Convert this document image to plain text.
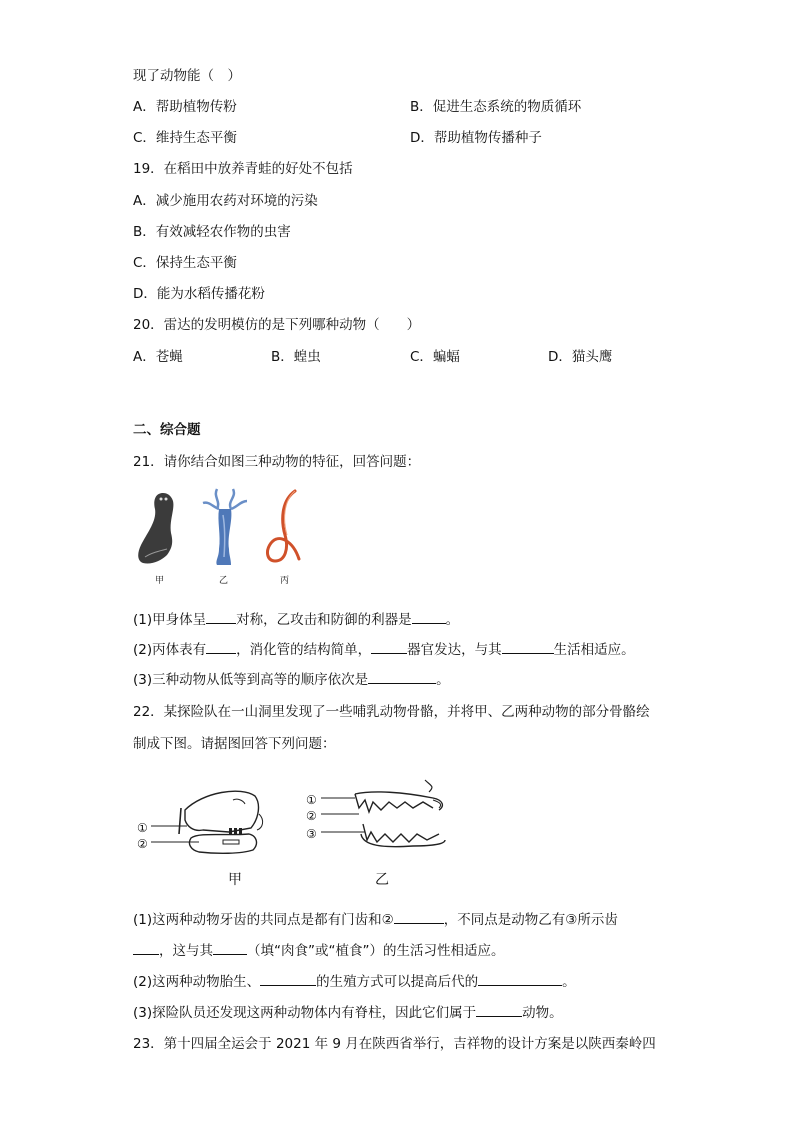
现了动物能（　）
A．帮助植物传粉	B．促进生态系统的物质循环
C．维持生态平衡	D．帮助植物传播种子
19．在稻田中放养青蛙的好处不包括
A．减少施用农药对环境的污染
B．有效减轻农作物的虫害
C．保持生态平衡
D．能为水稻传播花粉
20．雷达的发明模仿的是下列哪种动物（　　）
A．苍蝇	B．蝗虫	C．蝙蝠	D．猫头鹰
二、综合题
21．请你结合如图三种动物的特征，回答问题：
甲	乙	丙
(1)甲身体呈 对称，乙攻击和防御的利器是	。
(2)丙体表有 ，消化管的结构简单，	器官发达，与其	生活相适应。
(3)三种动物从低等到高等的顺序依次是	。
22．某探险队在一山洞里发现了一些哺乳动物骨骼，并将甲、乙两种动物的部分骨骼绘
制成下图。请据图回答下列问题：
①
②
①
②
③
甲	乙
(1)这两种动物牙齿的共同点是都有门齿和②	，不同点是动物乙有③所示齿
，这与其	（填“肉食”或“植食”）的生活习性相适应。
(2)这两种动物胎生、	的生殖方式可以提高后代的	。
(3)探险队员还发现这两种动物体内有脊柱，因此它们属于	动物。
23．第十四届全运会于 2021 年 9 月在陕西省举行，吉祥物的设计方案是以陕西秦岭四
